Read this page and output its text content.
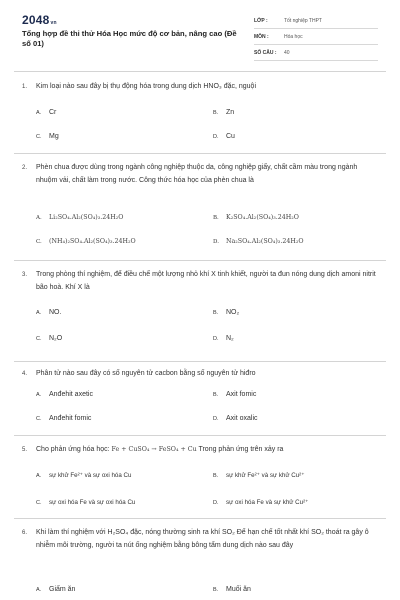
2048vn
Tổng hợp đề thi thử Hóa Học mức độ cơ bản, nâng cao (Đề số 01)
LỚP :	Tốt nghiệp THPT
MÔN :	Hóa học
SỐ CÂU : 40
1. Kim loại nào sau đây bị thụ động hóa trong dung dịch HNO₃ đặc, nguội
A. Cr	B. Zn
C. Mg	D. Cu
2. Phèn chua được dùng trong ngành công nghiệp thuộc da, công nghiệp giấy, chất cầm màu trong ngành nhuộm vải, chất làm trong nước. Công thức hóa học của phèn chua là
A. Li₂SO₄.Al₂(SO₄)₃.24H₂O	B. K₂SO₄.Al₂(SO₄)₃.24H₂O
C. (NH₄)₂SO₄.Al₂(SO₄)₃.24H₂O	D. Na₂SO₄.Al₂(SO₄)₃.24H₂O
3. Trong phòng thí nghiệm, để điều chế một lượng nhỏ khí X tinh khiết, người ta đun nóng dung dịch amoni nitrit bão hoà. Khí X là
A. NO.	B. NO₂
C. N₂O	D. N₂
4. Phân tử nào sau đây có số nguyên tử cacbon bằng số nguyên tử hiđro
A. Anđehit axetic	B. Axit fomic
C. Anđehit fomic	D. Axit oxalic
5. Cho phản ứng hóa học: Fe + CuSO₄ → FeSO₄ + Cu Trong phản ứng trên xảy ra
A. sự khử Fe²⁺ và sự oxi hóa Cu	B. sự khử Fe²⁺ và sự khử Cu²⁺
C. sự oxi hóa Fe và sự oxi hóa Cu	D. sự oxi hóa Fe và sự khử Cu²⁺
6. Khi làm thí nghiệm với H₂SO₄ đặc, nóng thường sinh ra khí SO₂ Để hạn chế tốt nhất khí SO₂ thoát ra gây ô nhiễm môi trường, người ta nút ống nghiệm bằng bông tẩm dung dịch nào sau đây
A. Giấm ăn	B. Muối ăn
